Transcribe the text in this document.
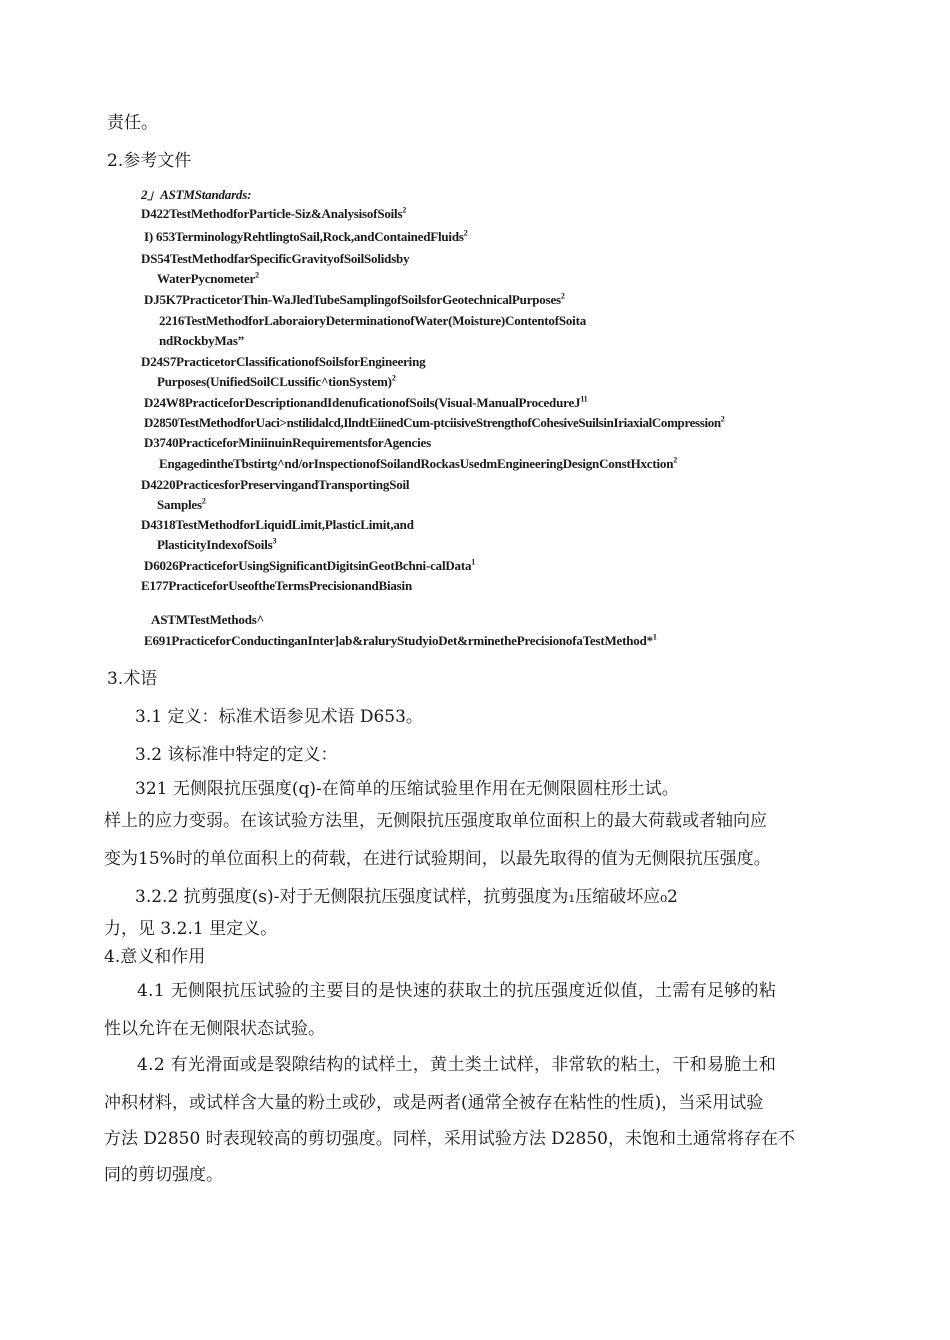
责任。
2.参考文件
2」ASTMStandards:
D422TestMethodforParticle-Siz&AnalysisofSoils$^2$
I) 653TerminologyRehtlingtoSail,Rock,andContainedFluids$^2$
DS54TestMethodfarSpecificGravityofSoilSolidsby
WaterPycnometer$^2$
DJ5K7PracticetorThin-WaJledTubeSamplingofSoilsforGeotechnicalPurposes$^2$
2216TestMethodforLaboraioryDeterminationofWater(Moisture)ContentofSoita
ndRockbyMas”
D24S7PracticetorClassificationofSoilsforEngineering
Purposes(UnifiedSoilCLussific^tionSystem)$^2$
D24W8PracticeforDescriptionandIdenuficationofSoils(Visual-ManualProcedureJ$^{11}$
D2850TestMethodforUaci>nstilidalcd,IlndtEiinedCum-ptciisiveStrengthofCohesiveSuilsinIriaxialCompression$^2$
D3740PracticeforMiniinuinRequirementsforAgencies
EngagedintheTbstirtg^nd/orInspectionofSoilandRockasUsedmEngineeringDesignConstHxction$^2$
D4220PracticesforPreservingandTransportingSoil
Samples$^2$
D4318TestMethodforLiquidLimit,PlasticLimit,and
PlasticityIndexofSoils$^3$
D6026PracticeforUsingSignificantDigitsinGeotBchni-calData$^1$
E177PracticeforUseoftheTermsPrecisionandBiasin
ASTMTestMethods^
E691PracticeforConductinganInter]ab&raluryStudyioDet&rminethePrecisionofaTestMethod*$^1$
3.术语
3.1 定义：标准术语参见术语 D653。
3.2 该标准中特定的定义：
321 无侧限抗压强度(q)-在简单的压缩试验里作用在无侧限圆柱形土试。
样上的应力变弱。在该试验方法里，无侧限抗压强度取单位面积上的最大荷载或者轴向应
变为15%时的单位面积上的荷载，在进行试验期间，以最先取得的值为无侧限抗压强度。
3.2.2 抗剪强度(s)-对于无侧限抗压强度试样，抗剪强度为₁压缩破坏应₀2
力，见 3.2.1 里定义。
4.意义和作用
4.1 无侧限抗压试验的主要目的是快速的获取土的抗压强度近似值，土需有足够的粘
性以允许在无侧限状态试验。
4.2 有光滑面或是裂隙结构的试样土，黄土类土试样，非常软的粘土，干和易脆土和
冲积材料，或试样含大量的粉土或砂，或是两者(通常全被存在粘性的性质)，当采用试验
方法 D2850 时表现较高的剪切强度。同样，采用试验方法 D2850，未饱和土通常将存在不
同的剪切强度。
